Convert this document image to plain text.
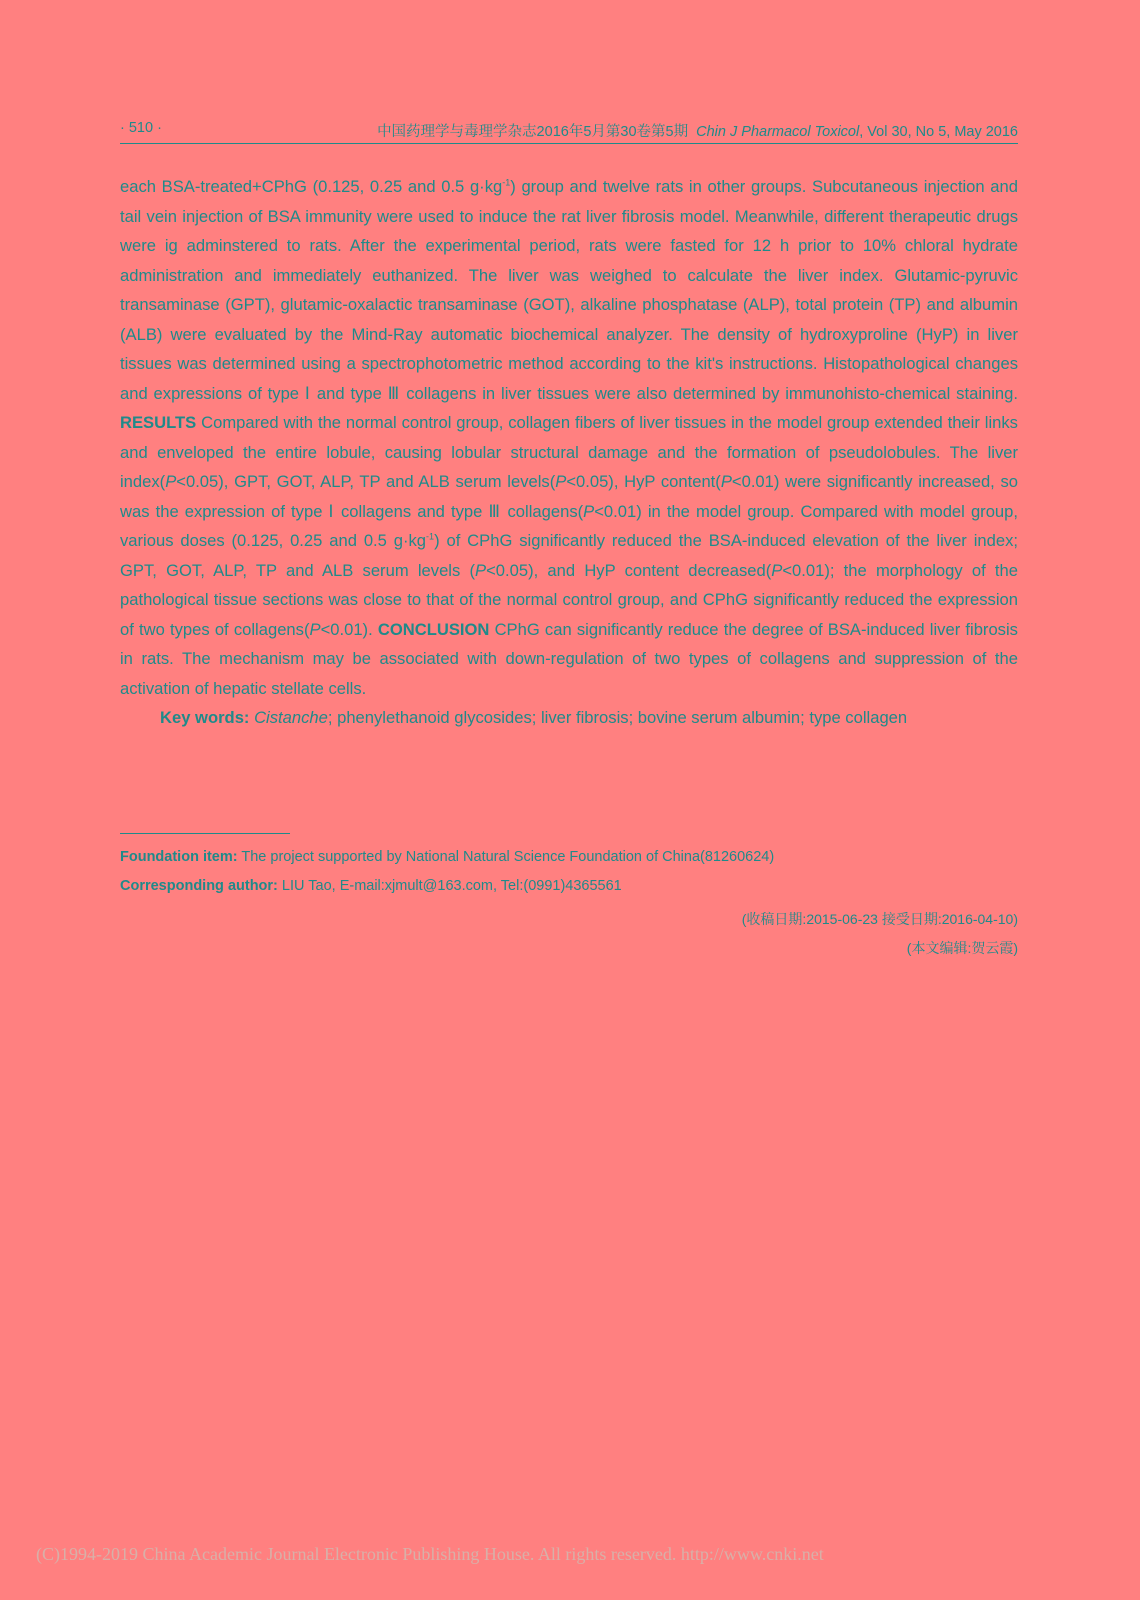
· 510 ·	中国药理学与毒理学杂志2016年5月第30卷第5期 Chin J Pharmacol Toxicol, Vol 30, No 5, May 2016

each BSA-treated+CPhG (0.125, 0.25 and 0.5 $g\cdot kg^{-1}$) group and twelve rats in other groups. Subcutaneous injection and tail vein injection of BSA immunity were used to induce the rat liver fibrosis model. Meanwhile, different therapeutic drugs were ig adminstered to rats. After the experimental period, rats were fasted for 12 h prior to 10% chloral hydrate administration and immediately euthanized. The liver was weighed to calculate the liver index. Glutamic-pyruvic transaminase (GPT), glutamic-oxalactic transaminase (GOT), alkaline phosphatase (ALP), total protein (TP) and albumin (ALB) were evaluated by the Mind-Ray automatic biochemical analyzer. The density of hydroxyproline (HyP) in liver tissues was determined using a spectrophotometric method according to the kit's instructions. Histopathological changes and expressions of type Ⅰ and type Ⅲ collagens in liver tissues were also determined by immunohisto-chemical staining. RESULTS Compared with the normal control group, collagen fibers of liver tissues in the model group extended their links and enveloped the entire lobule, causing lobular structural damage and the formation of pseudolobules. The liver index(P<0.05), GPT, GOT, ALP, TP and ALB serum levels(P<0.05), HyP content(P<0.01) were significantly increased, so was the expression of type Ⅰ collagens and type Ⅲ collagens(P<0.01) in the model group. Compared with model group, various doses (0.125, 0.25 and 0.5 $g\cdot kg^{-1}$) of CPhG significantly reduced the BSA-induced elevation of the liver index; GPT, GOT, ALP, TP and ALB serum levels (P<0.05), and HyP content decreased(P<0.01); the morphology of the pathological tissue sections was close to that of the normal control group, and CPhG significantly reduced the expression of two types of collagens(P<0.01). CONCLUSION CPhG can significantly reduce the degree of BSA-induced liver fibrosis in rats. The mechanism may be associated with down-regulation of two types of collagens and suppression of the activation of hepatic stellate cells.

Key words: Cistanche; phenylethanoid glycosides; liver fibrosis; bovine serum albumin; type collagen

Foundation item: The project supported by National Natural Science Foundation of China(81260624)
Corresponding author: LIU Tao, E-mail:xjmult@163.com, Tel:(0991)4365561
(收稿日期:2015-06-23 接受日期:2016-04-10)
(本文编辑:贺云霞)
(C)1994-2019 China Academic Journal Electronic Publishing House. All rights reserved. http://www.cnki.net
